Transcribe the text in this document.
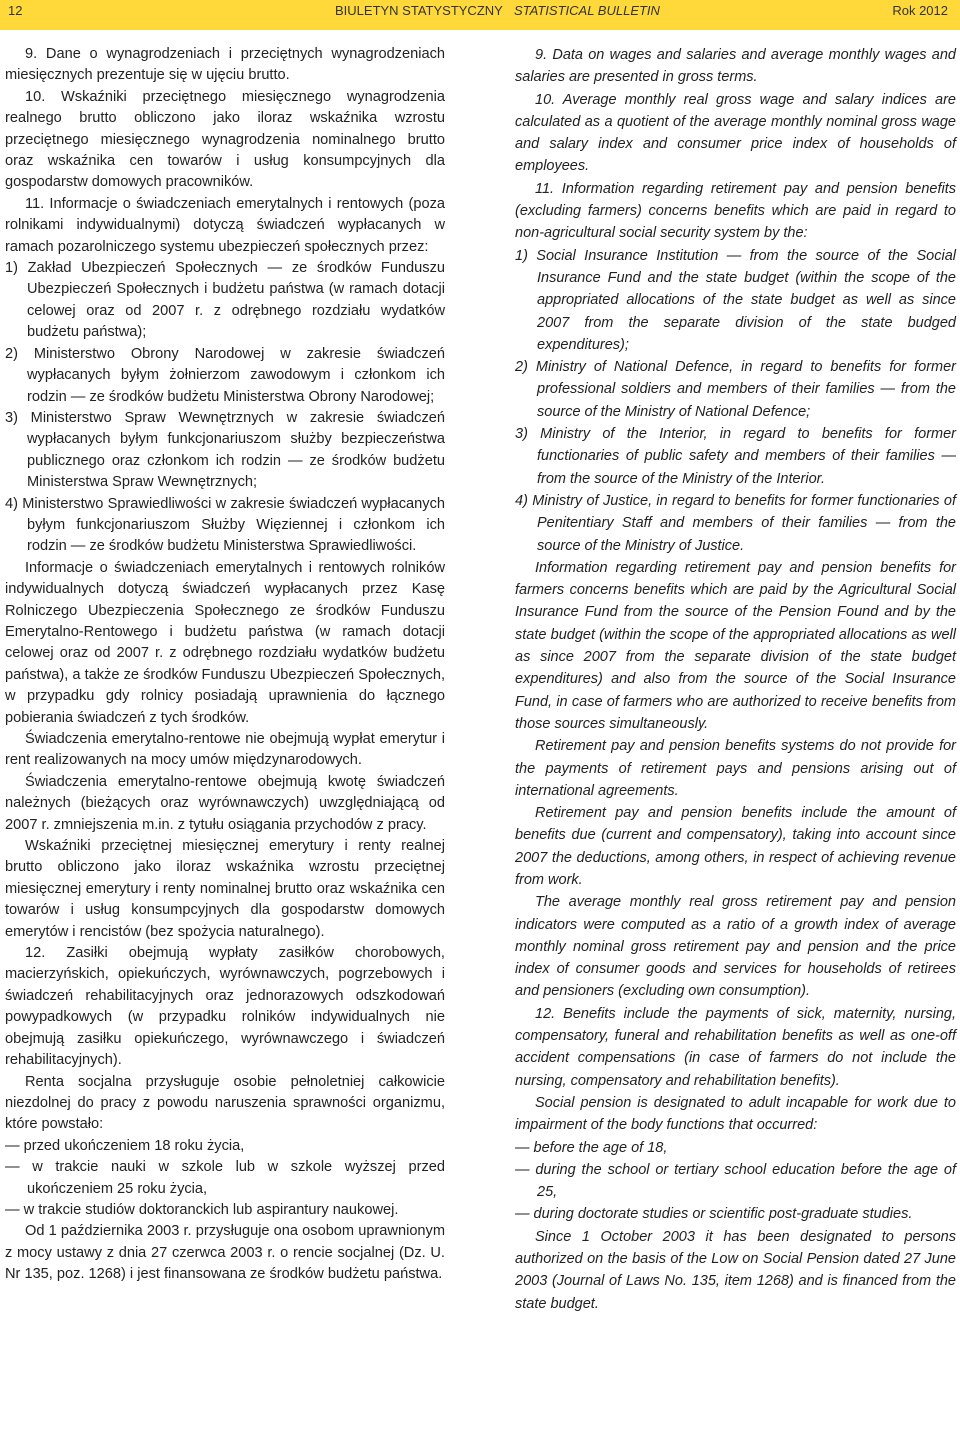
12	BIULETYN STATYSTYCZNY STATISTICAL BULLETIN	Rok 2012

9. Dane o wynagrodzeniach i przeciętnych wynagrodzeniach miesięcznych prezentuje się w ujęciu brutto.

10. Wskaźniki przeciętnego miesięcznego wynagrodzenia realnego brutto obliczono jako iloraz wskaźnika wzrostu przeciętnego miesięcznego wynagrodzenia nominalnego brutto oraz wskaźnika cen towarów i usług konsumpcyjnych dla gospodarstw domowych pracowników.

11. Informacje o świadczeniach emerytalnych i rentowych (poza rolnikami indywidualnymi) dotyczą świadczeń wypłacanych w ramach pozarolniczego systemu ubezpieczeń społecznych przez:

1) Zakład Ubezpieczeń Społecznych — ze środków Funduszu Ubezpieczeń Społecznych i budżetu państwa (w ramach dotacji celowej oraz od 2007 r. z odrębnego rozdziału wydatków budżetu państwa);

2) Ministerstwo Obrony Narodowej w zakresie świadczeń wypłacanych byłym żołnierzom zawodowym i członkom ich rodzin — ze środków budżetu Ministerstwa Obrony Narodowej;

3) Ministerstwo Spraw Wewnętrznych w zakresie świadczeń wypłacanych byłym funkcjonariuszom służby bezpieczeństwa publicznego oraz członkom ich rodzin — ze środków budżetu Ministerstwa Spraw Wewnętrznych;

4) Ministerstwo Sprawiedliwości w zakresie świadczeń wypłacanych byłym funkcjonariuszom Służby Więziennej i członkom ich rodzin — ze środków budżetu Ministerstwa Sprawiedliwości.

Informacje o świadczeniach emerytalnych i rentowych rolników indywidualnych dotyczą świadczeń wypłacanych przez Kasę Rolniczego Ubezpieczenia Społecznego ze środków Funduszu Emerytalno-Rentowego i budżetu państwa (w ramach dotacji celowej oraz od 2007 r. z odrębnego rozdziału wydatków budżetu państwa), a także ze środków Funduszu Ubezpieczeń Społecznych, w przypadku gdy rolnicy posiadają uprawnienia do łącznego pobierania świadczeń z tych środków.

Świadczenia emerytalno-rentowe nie obejmują wypłat emerytur i rent realizowanych na mocy umów międzynarodowych.

Świadczenia emerytalno-rentowe obejmują kwotę świadczeń należnych (bieżących oraz wyrównawczych) uwzględniającą od 2007 r. zmniejszenia m.in. z tytułu osiągania przychodów z pracy.

Wskaźniki przeciętnej miesięcznej emerytury i renty realnej brutto obliczono jako iloraz wskaźnika wzrostu przeciętnej miesięcznej emerytury i renty nominalnej brutto oraz wskaźnika cen towarów i usług konsumpcyjnych dla gospodarstw domowych emerytów i rencistów (bez spożycia naturalnego).

12. Zasiłki obejmują wypłaty zasiłków chorobowych, macierzyńskich, opiekuńczych, wyrównawczych, pogrzebowych i świadczeń rehabilitacyjnych oraz jednorazowych odszkodowań powypadkowych (w przypadku rolników indywidualnych nie obejmują zasiłku opiekuńczego, wyrównawczego i świadczeń rehabilitacyjnych).

Renta socjalna przysługuje osobie pełnoletniej całkowicie niezdolnej do pracy z powodu naruszenia sprawności organizmu, które powstało:

— przed ukończeniem 18 roku życia,

— w trakcie nauki w szkole lub w szkole wyższej przed ukończeniem 25 roku życia,

— w trakcie studiów doktoranckich lub aspirantury naukowej.

Od 1 października 2003 r. przysługuje ona osobom uprawnionym z mocy ustawy z dnia 27 czerwca 2003 r. o rencie socjalnej (Dz. U. Nr 135, poz. 1268) i jest finansowana ze środków budżetu państwa.

9. Data on wages and salaries and average monthly wages and salaries are presented in gross terms.

10. Average monthly real gross wage and salary indices are calculated as a quotient of the average monthly nominal gross wage and salary index and consumer price index of households of employees.

11. Information regarding retirement pay and pension benefits (excluding farmers) concerns benefits which are paid in regard to non-agricultural social security system by the:

1) Social Insurance Institution — from the source of the Social Insurance Fund and the state budget (within the scope of the appropriated allocations of the state budget as well as since 2007 from the separate division of the state budged expenditures);

2) Ministry of National Defence, in regard to benefits for former professional soldiers and members of their families — from the source of the Ministry of National Defence;

3) Ministry of the Interior, in regard to benefits for former functionaries of public safety and members of their families — from the source of the Ministry of the Interior.

4) Ministry of Justice, in regard to benefits for former functionaries of Penitentiary Staff and members of their families — from the source of the Ministry of Justice.

Information regarding retirement pay and pension benefits for farmers concerns benefits which are paid by the Agricultural Social Insurance Fund from the source of the Pension Found and by the state budget (within the scope of the appropriated allocations as well as since 2007 from the separate division of the state budget expenditures) and also from the source of the Social Insurance Fund, in case of farmers who are authorized to receive benefits from those sources simultaneously.

Retirement pay and pension benefits systems do not provide for the payments of retirement pays and pensions arising out of international agreements.

Retirement pay and pension benefits include the amount of benefits due (current and compensatory), taking into account since 2007 the deductions, among others, in respect of achieving revenue from work.

The average monthly real gross retirement pay and pension indicators were computed as a ratio of a growth index of average monthly nominal gross retirement pay and pension and the price index of consumer goods and services for households of retirees and pensioners (excluding own consumption).

12. Benefits include the payments of sick, maternity, nursing, compensatory, funeral and rehabilitation benefits as well as one-off accident compensations (in case of farmers do not include the nursing, compensatory and rehabilitation benefits).

Social pension is designated to adult incapable for work due to impairment of the body functions that occurred:

— before the age of 18,

— during the school or tertiary school education before the age of 25,

— during doctorate studies or scientific post-graduate studies.

Since 1 October 2003 it has been designated to persons authorized on the basis of the Low on Social Pension dated 27 June 2003 (Journal of Laws No. 135, item 1268) and is financed from the state budget.
